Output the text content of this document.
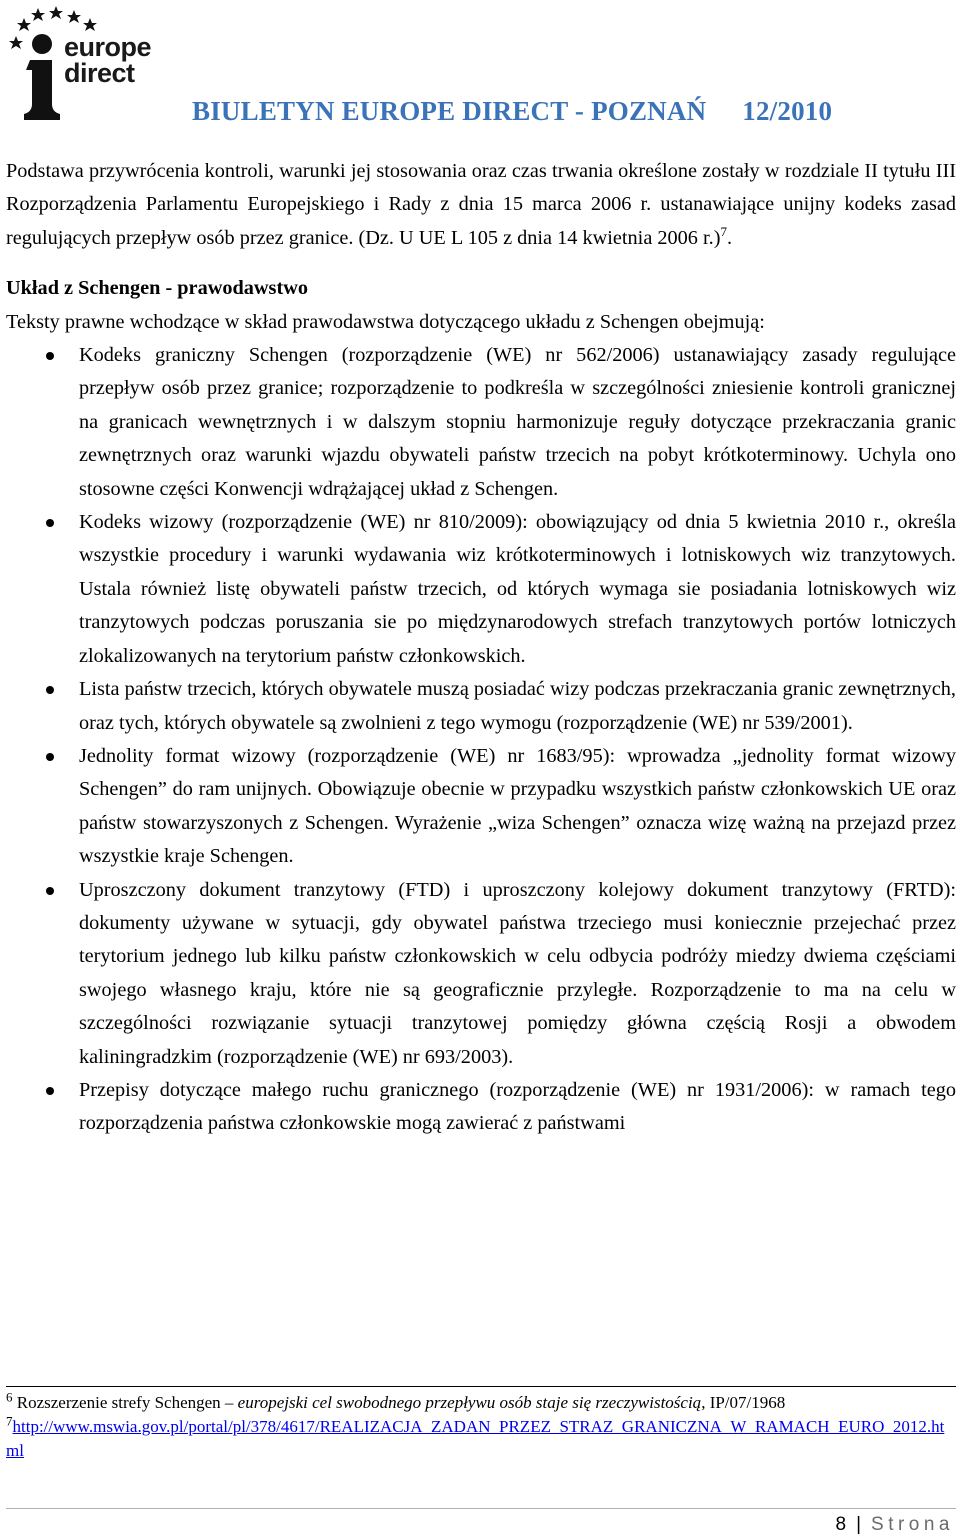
europe
direct
BIULETYN EUROPE DIRECT - POZNAŃ 12/2010

Podstawa przywrócenia kontroli, warunki jej stosowania oraz czas trwania określone zostały w rozdziale II tytułu III Rozporządzenia Parlamentu Europejskiego i Rady z dnia 15 marca 2006 r. ustanawiające unijny kodeks zasad regulujących przepływ osób przez granice. (Dz. U UE L 105 z dnia 14 kwietnia 2006 r.)$^7$.

Układ z Schengen - prawodawstwo

Teksty prawne wchodzące w skład prawodawstwa dotyczącego układu z Schengen obejmują:

Kodeks graniczny Schengen (rozporządzenie (WE) nr 562/2006) ustanawiający zasady regulujące przepływ osób przez granice; rozporządzenie to podkreśla w szczególności zniesienie kontroli granicznej na granicach wewnętrznych i w dalszym stopniu harmonizuje reguły dotyczące przekraczania granic zewnętrznych oraz warunki wjazdu obywateli państw trzecich na pobyt krótkoterminowy. Uchyla ono stosowne części Konwencji wdrążającej układ z Schengen.
Kodeks wizowy (rozporządzenie (WE) nr 810/2009): obowiązujący od dnia 5 kwietnia 2010 r., określa wszystkie procedury i warunki wydawania wiz krótkoterminowych i lotniskowych wiz tranzytowych. Ustala również listę obywateli państw trzecich, od których wymaga sie posiadania lotniskowych wiz tranzytowych podczas poruszania sie po międzynarodowych strefach tranzytowych portów lotniczych zlokalizowanych na terytorium państw członkowskich.
Lista państw trzecich, których obywatele muszą posiadać wizy podczas przekraczania granic zewnętrznych, oraz tych, których obywatele są zwolnieni z tego wymogu (rozporządzenie (WE) nr 539/2001).
Jednolity format wizowy (rozporządzenie (WE) nr 1683/95): wprowadza „jednolity format wizowy Schengen” do ram unijnych. Obowiązuje obecnie w przypadku wszystkich państw członkowskich UE oraz państw stowarzyszonych z Schengen. Wyrażenie „wiza Schengen” oznacza wizę ważną na przejazd przez wszystkie kraje Schengen.
Uproszczony dokument tranzytowy (FTD) i uproszczony kolejowy dokument tranzytowy (FRTD): dokumenty używane w sytuacji, gdy obywatel państwa trzeciego musi koniecznie przejechać przez terytorium jednego lub kilku państw członkowskich w celu odbycia podróży miedzy dwiema częściami swojego własnego kraju, które nie są geograficznie przyległe. Rozporządzenie to ma na celu w szczególności rozwiązanie sytuacji tranzytowej pomiędzy główna częścią Rosji a obwodem kaliningradzkim (rozporządzenie (WE) nr 693/2003).
Przepisy dotyczące małego ruchu granicznego (rozporządzenie (WE) nr 1931/2006): w ramach tego rozporządzenia państwa członkowskie mogą zawierać z państwami
$^6$ Rozszerzenie strefy Schengen – europejski cel swobodnego przepływu osób staje się rzeczywistością, IP/07/1968
$^7$http://www.mswia.gov.pl/portal/pl/378/4617/REALIZACJA_ZADAN_PRZEZ_STRAZ_GRANICZNA_W_RAMACH_EURO_2012.html
8 | Strona
